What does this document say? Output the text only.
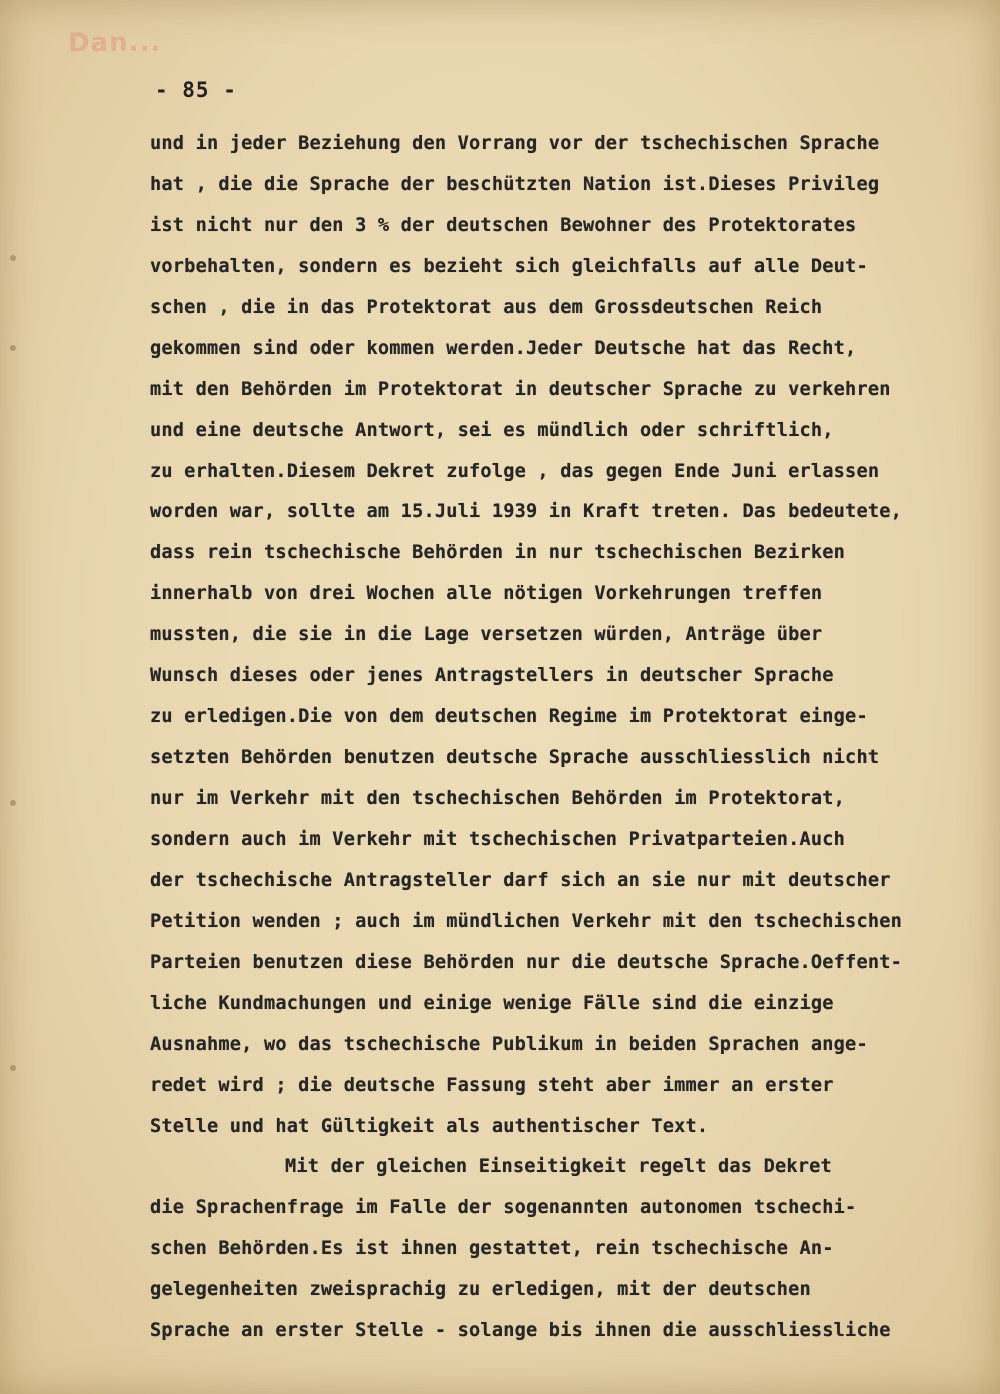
Dan...
- 85 -
und in jeder Beziehung den Vorrang vor der tschechischen Sprache
hat , die die Sprache der beschützten Nation ist.Dieses Privileg
ist nicht nur den 3 % der deutschen Bewohner des Protektorates
vorbehalten, sondern es bezieht sich gleichfalls auf alle Deut-
schen , die in das Protektorat aus dem Grossdeutschen Reich
gekommen sind oder kommen werden.Jeder Deutsche hat das Recht,
mit den Behörden im Protektorat in deutscher Sprache zu verkehren
und eine deutsche Antwort, sei es mündlich oder schriftlich,
zu erhalten.Diesem Dekret zufolge , das gegen Ende Juni erlassen
worden war, sollte am 15.Juli 1939 in Kraft treten. Das bedeutete,
dass rein tschechische Behörden in nur tschechischen Bezirken
innerhalb von drei Wochen alle nötigen Vorkehrungen treffen
mussten, die sie in die Lage versetzen würden, Anträge über
Wunsch dieses oder jenes Antragstellers in deutscher Sprache
zu erledigen.Die von dem deutschen Regime im Protektorat einge-
setzten Behörden benutzen deutsche Sprache ausschliesslich nicht
nur im Verkehr mit den tschechischen Behörden im Protektorat,
sondern auch im Verkehr mit tschechischen Privatparteien.Auch
der tschechische Antragsteller darf sich an sie nur mit deutscher
Petition wenden ; auch im mündlichen Verkehr mit den tschechischen
Parteien benutzen diese Behörden nur die deutsche Sprache.Oeffent-
liche Kundmachungen und einige wenige Fälle sind die einzige
Ausnahme, wo das tschechische Publikum in beiden Sprachen ange-
redet wird ; die deutsche Fassung steht aber immer an erster
Stelle und hat Gültigkeit als authentischer Text.
Mit der gleichen Einseitigkeit regelt das Dekret
die Sprachenfrage im Falle der sogenannten autonomen tschechi-
schen Behörden.Es ist ihnen gestattet, rein tschechische An-
gelegenheiten zweisprachig zu erledigen, mit der deutschen
Sprache an erster Stelle - solange bis ihnen die ausschliessliche
